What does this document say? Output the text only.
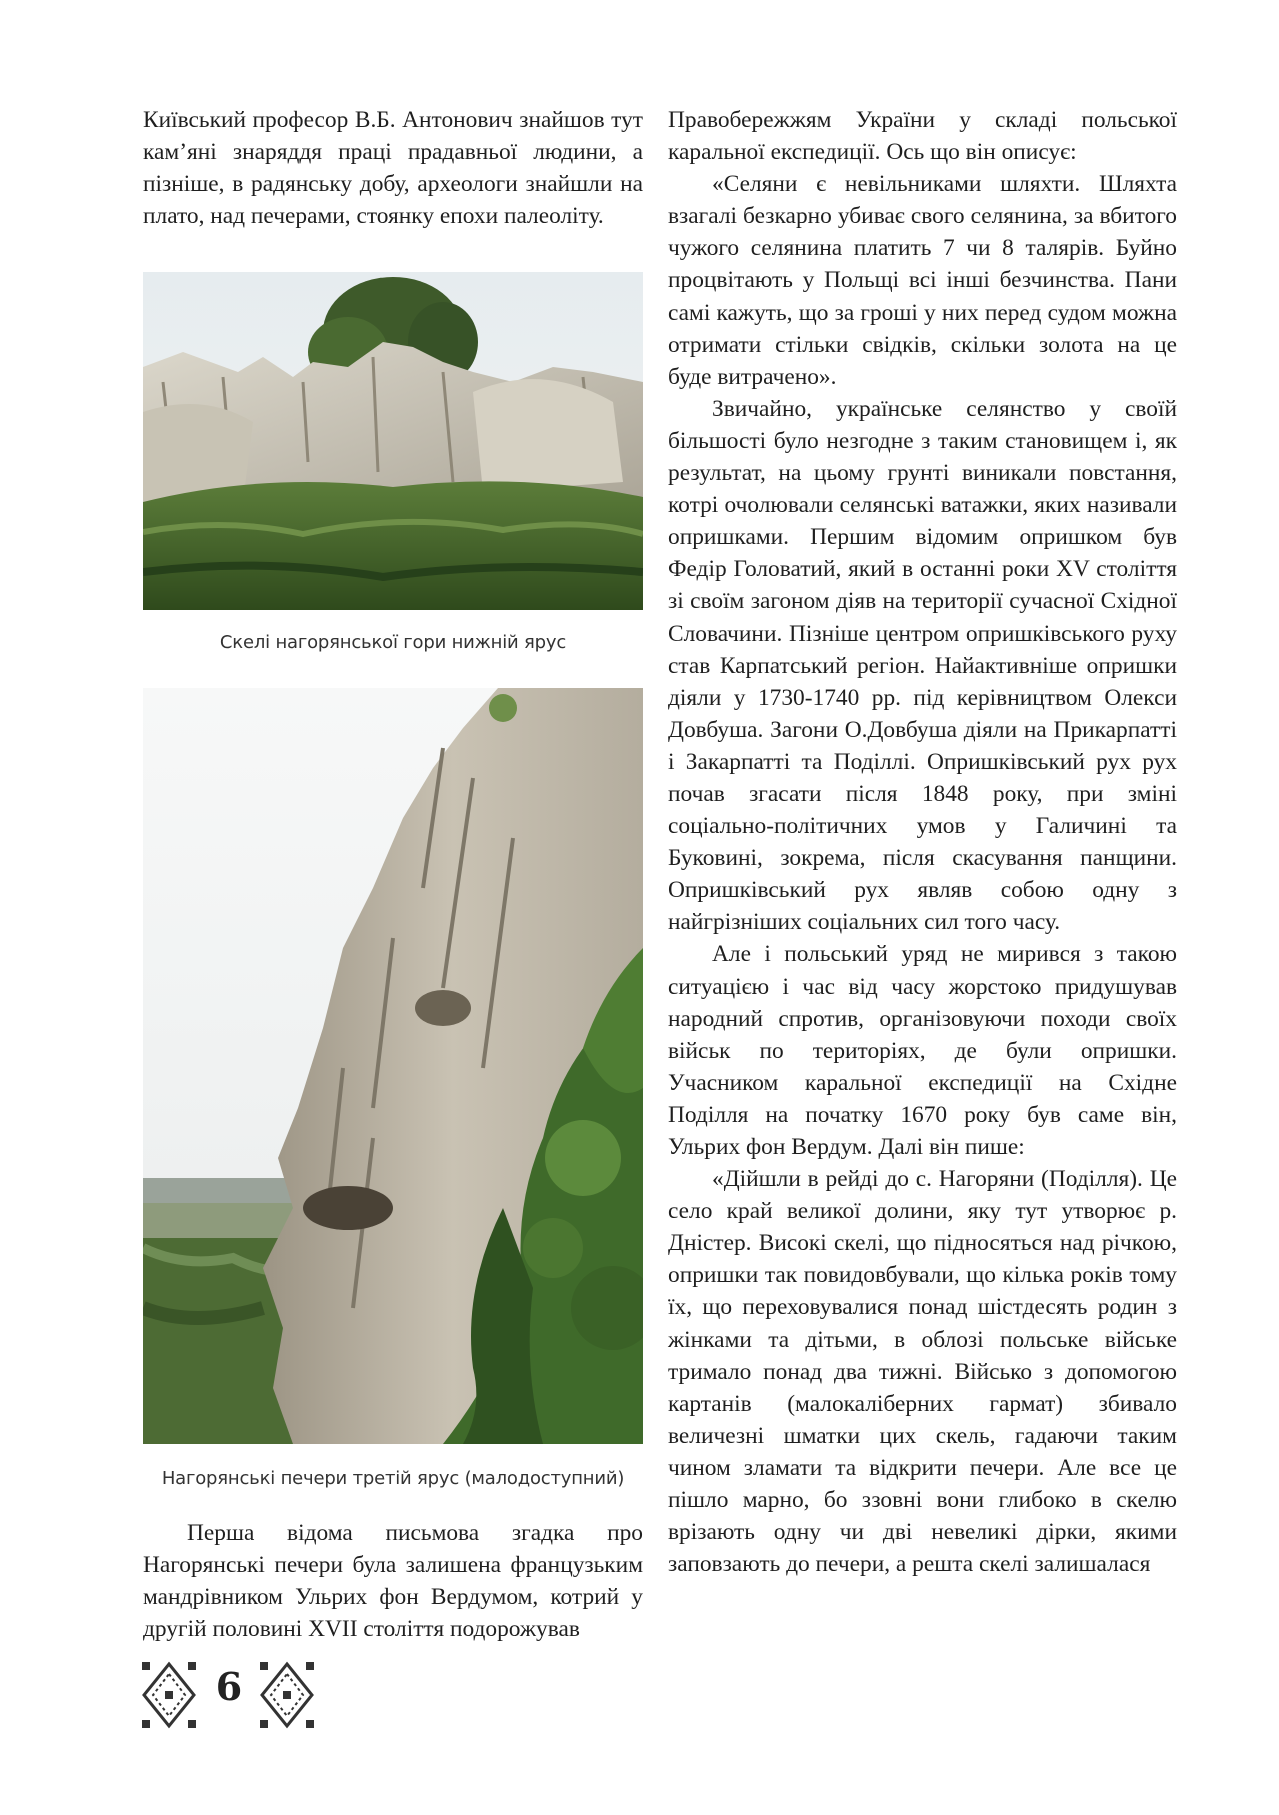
Київський професор В.Б. Антонович знайшов тут кам’яні знаряддя праці прадавньої людини, а пізніше, в радянську добу, археологи знайшли на плато, над печерами, стоянку епохи палеоліту.

Перша відома письмова згадка про Нагорянські печери була залишена французьким мандрівником Ульрих фон Вердумом, котрий у другій половині XVII століття подорожував

Скелі нагорянської гори нижній ярус
Нагорянські печери третій ярус (малодоступний)

Правобережжям України у складі польської каральної експедиції. Ось що він описує:

«Селяни є невільниками шляхти. Шляхта взагалі безкарно убиває свого селянина, за вбитого чужого селянина платить 7 чи 8 талярів. Буйно процвітають у Польщі всі інші безчинства. Пани самі кажуть, що за гроші у них перед судом можна отримати стільки свідків, скільки золота на це буде витрачено».

Звичайно, українське селянство у своїй більшості було незгодне з таким становищем і, як результат, на цьому грунті виникали повстання, котрі очолювали селянські ватажки, яких називали опришками. Першим відомим опришком був Федір Головатий, який в останні роки XV століття зі своїм загоном діяв на території сучасної Східної Словачини. Пізніше центром опришківського руху став Карпатський регіон. Найактивніше опришки діяли у 1730-1740 рр. під керівництвом Олекси Довбуша. Загони О.Довбуша діяли на Прикарпатті і Закарпатті та Поділлі. Опришківський рух рух почав згасати після 1848 року, при зміні соціально-політичних умов у Галичині та Буковині, зокрема, після скасування панщини. Опришківський рух являв собою одну з найгрізніших соціальних сил того часу.

Але і польський уряд не мирився з такою ситуацією і час від часу жорстоко придушував народний спротив, організовуючи походи своїх військ по територіях, де були опришки. Учасником каральної експедиції на Східне Поділля на початку 1670 року був саме він, Ульрих фон Вердум. Далі він пише:

«Дійшли в рейді до с. Нагоряни (Поділля). Це село край великої долини, яку тут утворює р. Дністер. Високі скелі, що підносяться над річкою, опришки так повидовбували, що кілька років тому їх, що переховувалися понад шістдесять родин з жінками та дітьми, в облозі польське війське тримало понад два тижні. Військо з допомогою картанів (малокаліберних гармат) збивало величезні шматки цих скель, гадаючи таким чином зламати та відкрити печери. Але все це пішло марно, бо ззовні вони глибоко в скелю врізають одну чи дві невеликі дірки, якими заповзають до печери, а решта скелі залишалася

6
